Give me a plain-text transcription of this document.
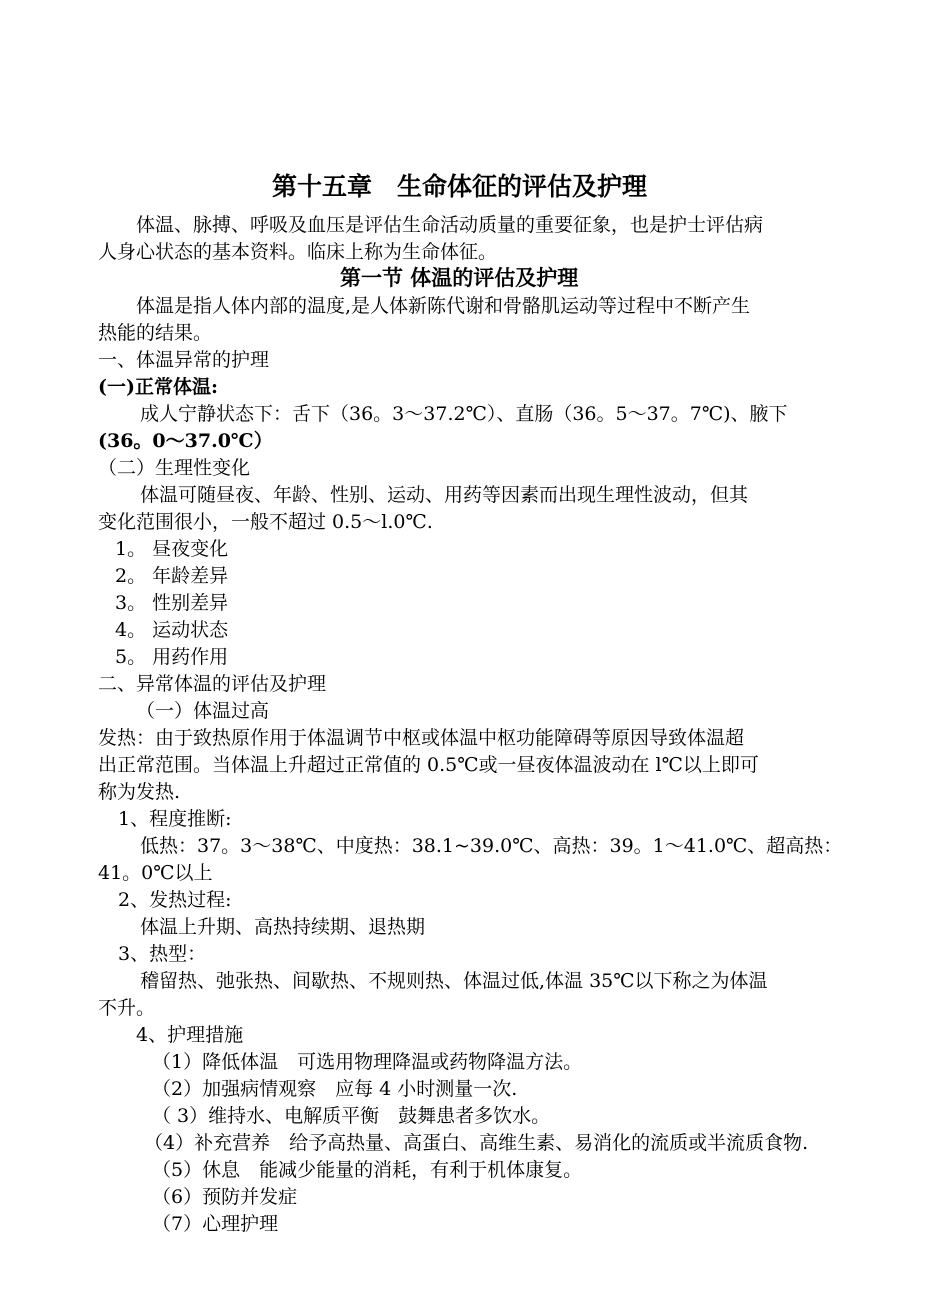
第十五章　生命体征的评估及护理
体温、脉搏、呼吸及血压是评估生命活动质量的重要征象，也是护士评估病
人身心状态的基本资料。临床上称为生命体征。
第一节 体温的评估及护理
体温是指人体内部的温度,是人体新陈代谢和骨骼肌运动等过程中不断产生
热能的结果。
一、体温异常的护理
(一)正常体温:
成人宁静状态下：舌下（36。3～37.2℃）、直肠（36。5～37。7℃)、腋下
(36。0～37.0℃）
（二）生理性变化
体温可随昼夜、年龄、性别、运动、用药等因素而出现生理性波动，但其
变化范围很小，一般不超过 0.5～l.0℃.
1。 昼夜变化
2。 年龄差异
3。 性别差异
4。 运动状态
5。 用药作用
二、异常体温的评估及护理
（一）体温过高
发热：由于致热原作用于体温调节中枢或体温中枢功能障碍等原因导致体温超
出正常范围。当体温上升超过正常值的 0.5℃或一昼夜体温波动在 l℃以上即可
称为发热.
1、程度推断:
低热：37。3～38℃、中度热：38.1~39.0℃、高热：39。1～41.0℃、超高热：
41。0℃以上
2、发热过程:
体温上升期、高热持续期、退热期
3、热型：
稽留热、弛张热、间歇热、不规则热、体温过低,体温 35℃以下称之为体温
不升。
4、护理措施
（1）降低体温　可选用物理降温或药物降温方法。
（2）加强病情观察　应每 4 小时测量一次.
（ 3）维持水、电解质平衡　鼓舞患者多饮水。
（4）补充营养　给予高热量、高蛋白、高维生素、易消化的流质或半流质食物.
（5）休息　能减少能量的消耗，有利于机体康复。
（6）预防并发症
（7）心理护理
